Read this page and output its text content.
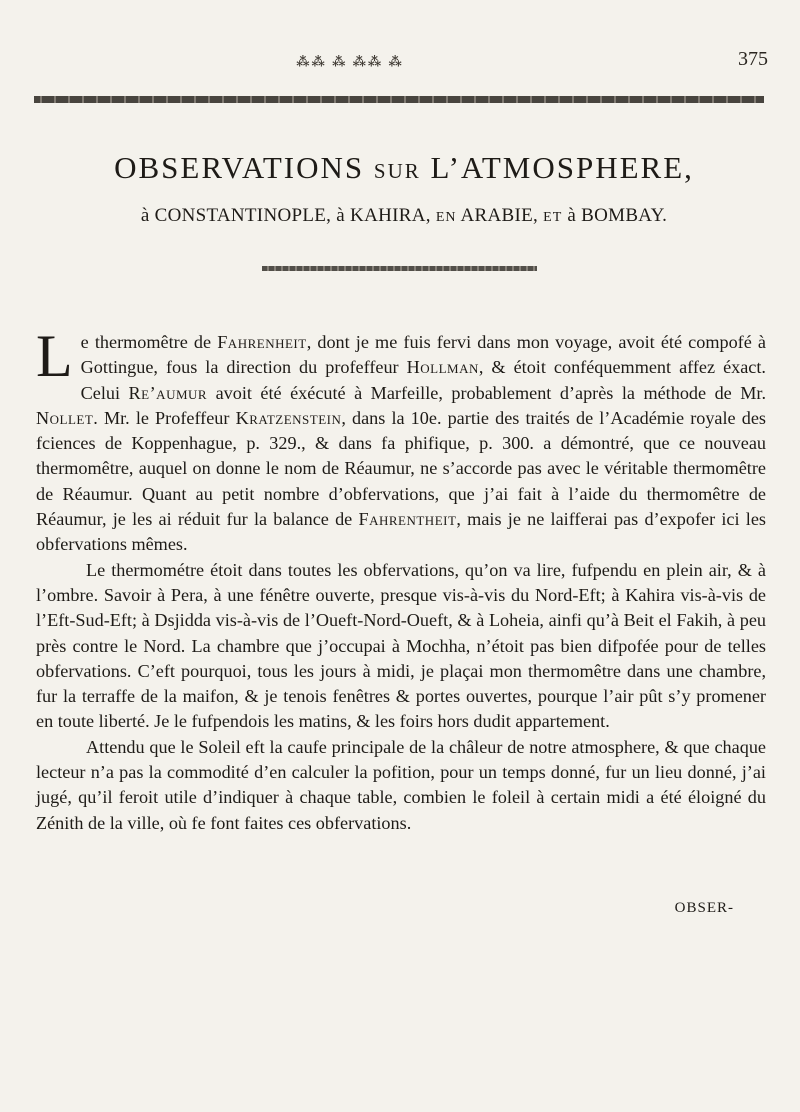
⁂⁂ ⁂ ⁂⁂ ⁂	375
OBSERVATIONS SUR L’ATMOSPHERE,
à CONSTANTINOPLE, à KAHIRA, EN ARABIE, ET à BOMBAY.

Le thermomêtre de Fahrenheit, dont je me fuis fervi dans mon voyage, avoit été compofé à Gottingue, fous la direction du profeffeur Hollman, & étoit conféquemment affez éxact. Celui Re’aumur avoit été éxécuté à Marfeille, probablement d’après la méthode de Mr. Nollet. Mr. le Profeffeur Kratzenstein, dans la 10e. partie des traités de l’Académie royale des fciences de Koppenhague, p. 329., & dans fa phifique, p. 300. a démontré, que ce nouveau thermomêtre, auquel on donne le nom de Réaumur, ne s’accorde pas avec le véritable thermomêtre de Réaumur. Quant au petit nombre d’obfervations, que j’ai fait à l’aide du thermomêtre de Réaumur, je les ai réduit fur la balance de Fahrentheit, mais je ne laifferai pas d’expofer ici les obfervations mêmes.

Le thermométre étoit dans toutes les obfervations, qu’on va lire, fufpendu en plein air, & à l’ombre. Savoir à Pera, à une fénêtre ouverte, presque vis-à-vis du Nord-Eft; à Kahira vis-à-vis de l’Eft-Sud-Eft; à Dsjidda vis-à-vis de l’Oueft-Nord-Oueft, & à Loheia, ainfi qu’à Beit el Fakih, à peu près contre le Nord. La chambre que j’occupai à Mochha, n’étoit pas bien difpofée pour de telles obfervations. C’eft pourquoi, tous les jours à midi, je plaçai mon thermomêtre dans une chambre, fur la terraffe de la maifon, & je tenois fenêtres & portes ouvertes, pourque l’air pût s’y promener en toute liberté. Je le fufpendois les matins, & les foirs hors dudit appartement.

Attendu que le Soleil eft la caufe principale de la châleur de notre atmosphere, & que chaque lecteur n’a pas la commodité d’en calculer la pofition, pour un temps donné, fur un lieu donné, j’ai jugé, qu’il feroit utile d’indiquer à chaque table, combien le foleil à certain midi a été éloigné du Zénith de la ville, où fe font faites ces obfervations.

OBSER-
